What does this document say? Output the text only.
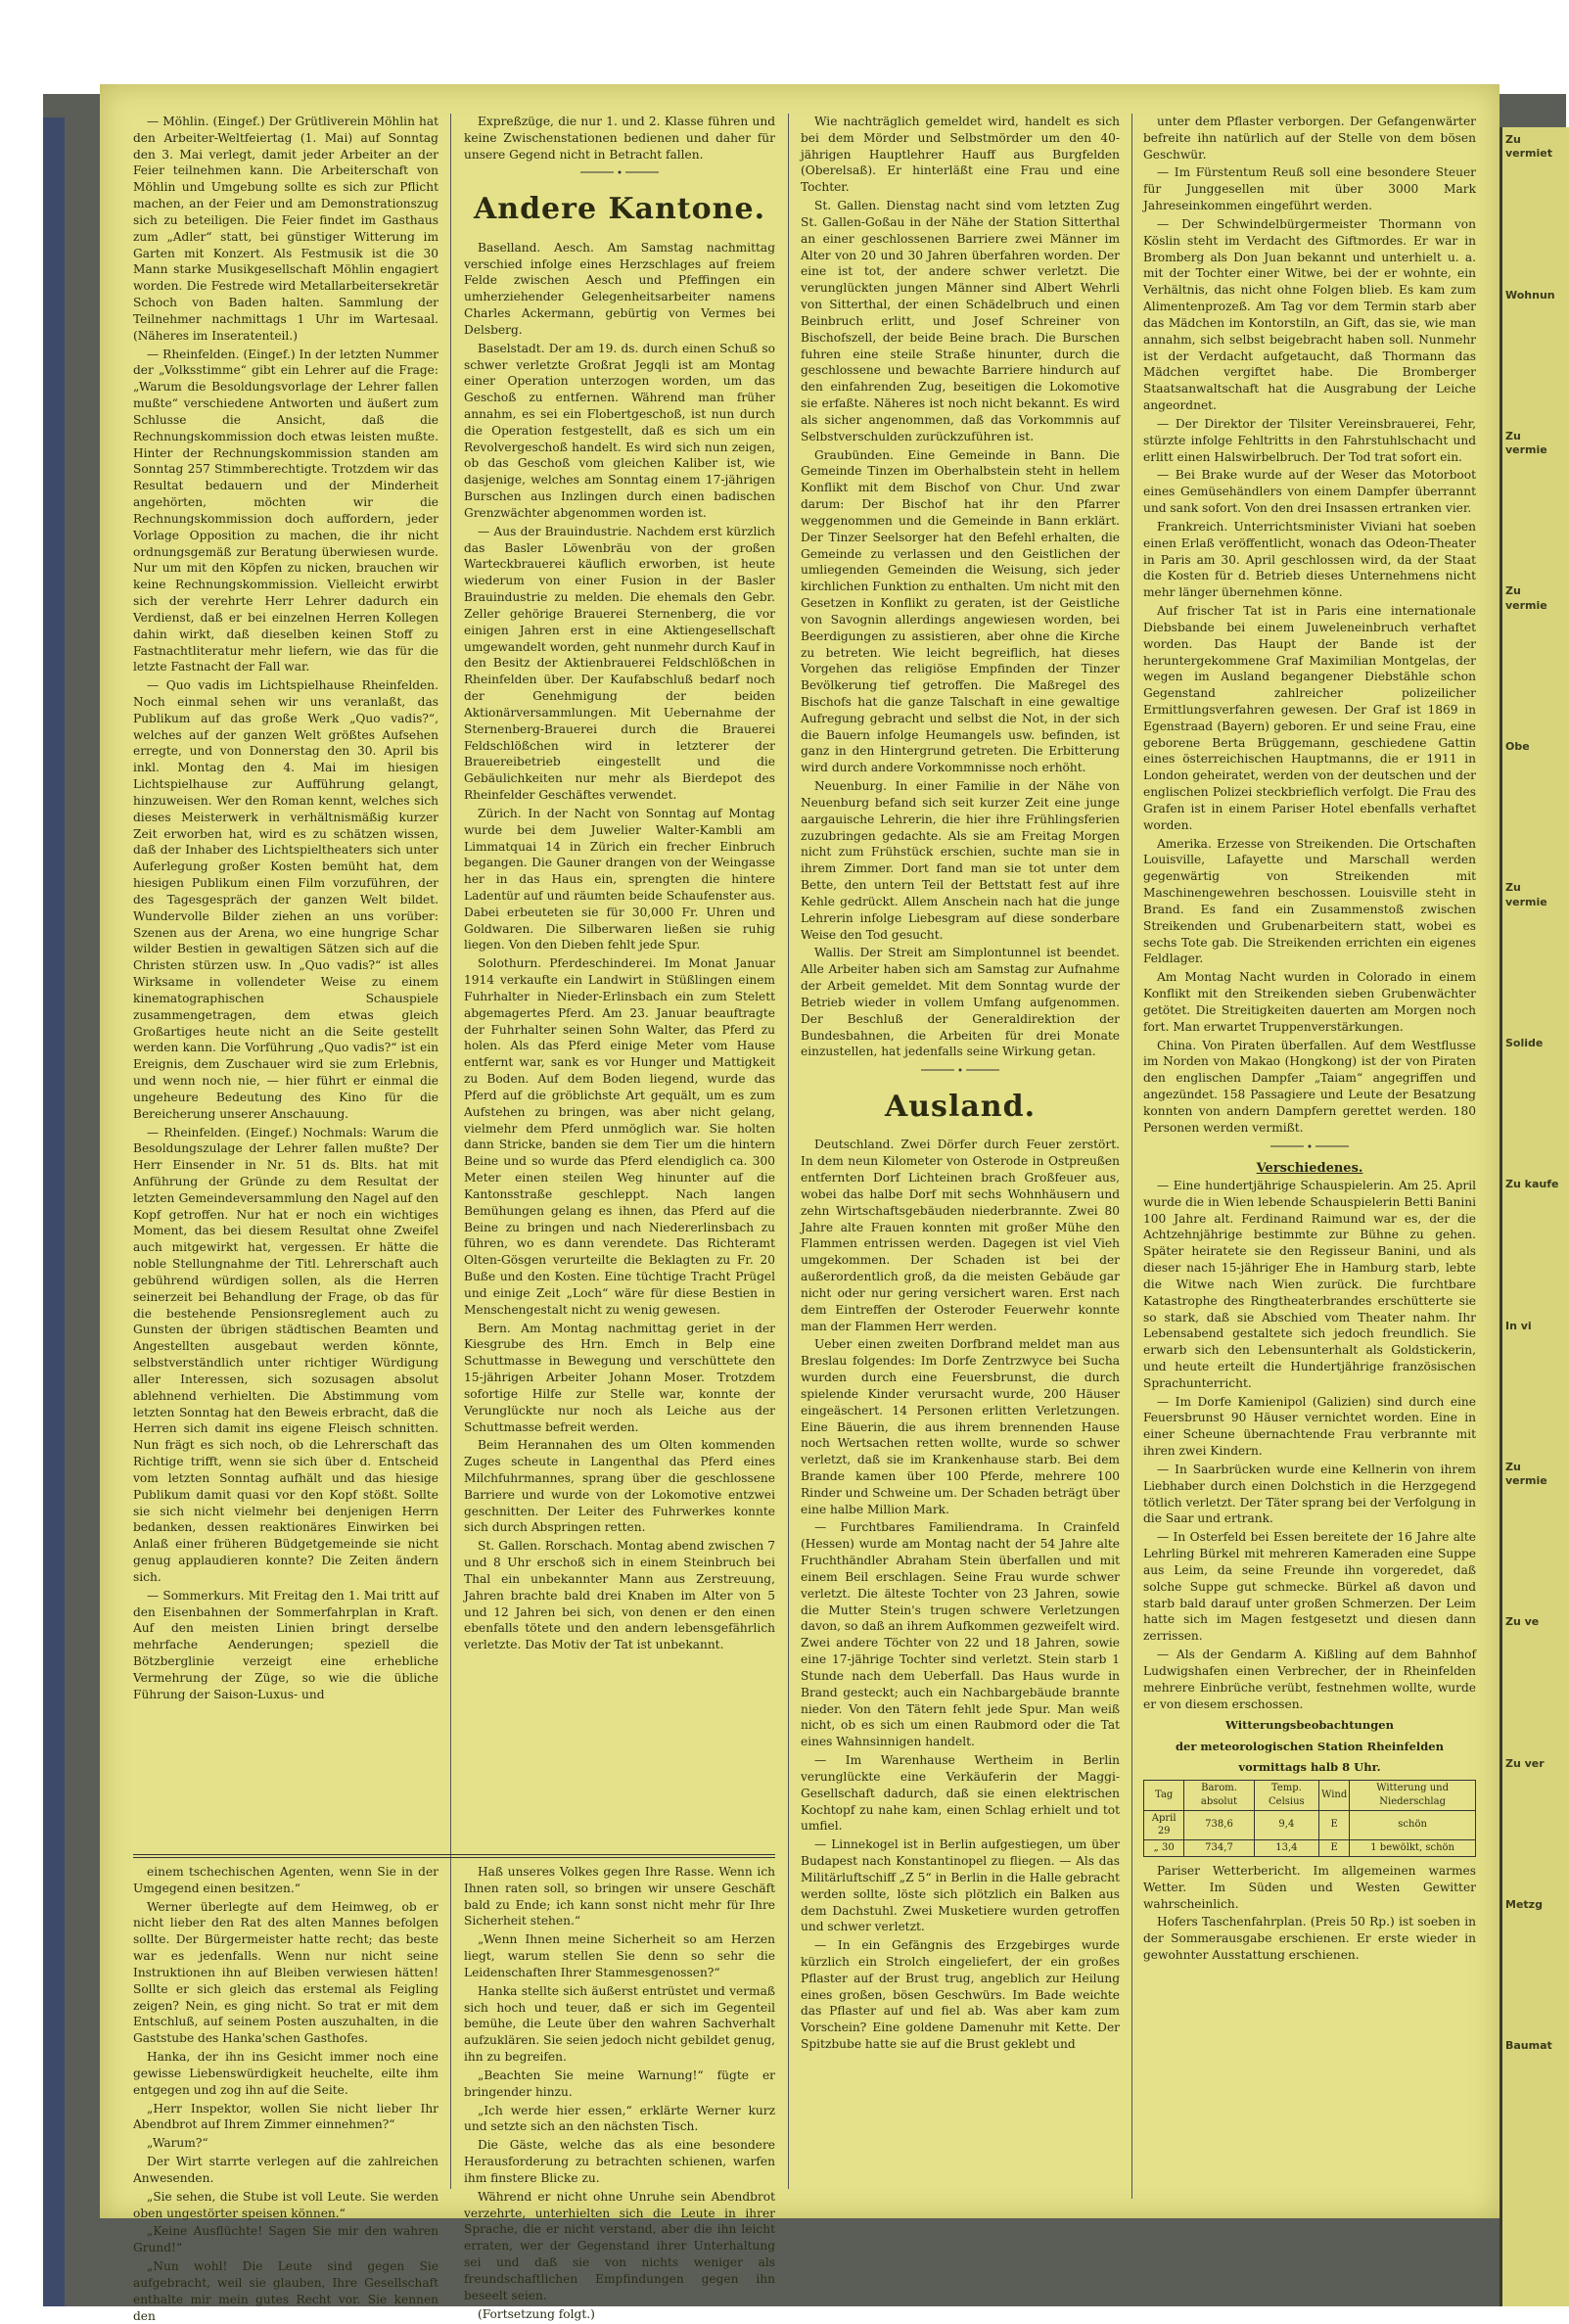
— Möhlin. (Eingef.) Der Grütliverein Möhlin hat den Arbeiter-Weltfeiertag (1. Mai) auf Sonntag den 3. Mai verlegt, damit jeder Arbeiter an der Feier teilnehmen kann. Die Arbeiterschaft von Möhlin und Umgebung sollte es sich zur Pflicht machen, an der Feier und am Demonstrationszug sich zu beteiligen. Die Feier findet im Gasthaus zum „Adler“ statt, bei günstiger Witterung im Garten mit Konzert. Als Festmusik ist die 30 Mann starke Musikgesellschaft Möhlin engagiert worden. Die Festrede wird Metallarbeitersekretär Schoch von Baden halten. Sammlung der Teilnehmer nachmittags 1 Uhr im Wartesaal. (Näheres im Inseratenteil.)

— Rheinfelden. (Eingef.) In der letzten Nummer der „Volksstimme“ gibt ein Lehrer auf die Frage: „Warum die Besoldungsvorlage der Lehrer fallen mußte“ verschiedene Antworten und äußert zum Schlusse die Ansicht, daß die Rechnungskommission doch etwas leisten mußte. Hinter der Rechnungskommission standen am Sonntag 257 Stimmberechtigte. Trotzdem wir das Resultat bedauern und der Minderheit angehörten, möchten wir die Rechnungskommission doch auffordern, jeder Vorlage Opposition zu machen, die ihr nicht ordnungsgemäß zur Beratung überwiesen wurde. Nur um mit den Köpfen zu nicken, brauchen wir keine Rechnungskommission. Vielleicht erwirbt sich der verehrte Herr Lehrer dadurch ein Verdienst, daß er bei einzelnen Herren Kollegen dahin wirkt, daß dieselben keinen Stoff zu Fastnachtliteratur mehr liefern, wie das für die letzte Fastnacht der Fall war.

— Quo vadis im Lichtspielhause Rheinfelden. Noch einmal sehen wir uns veranlaßt, das Publikum auf das große Werk „Quo vadis?“, welches auf der ganzen Welt größtes Aufsehen erregte, und von Donnerstag den 30. April bis inkl. Montag den 4. Mai im hiesigen Lichtspielhause zur Aufführung gelangt, hinzuweisen. Wer den Roman kennt, welches sich dieses Meisterwerk in verhältnismäßig kurzer Zeit erworben hat, wird es zu schätzen wissen, daß der Inhaber des Lichtspieltheaters sich unter Auferlegung großer Kosten bemüht hat, dem hiesigen Publikum einen Film vorzuführen, der des Tagesgespräch der ganzen Welt bildet. Wundervolle Bilder ziehen an uns vorüber: Szenen aus der Arena, wo eine hungrige Schar wilder Bestien in gewaltigen Sätzen sich auf die Christen stürzen usw. In „Quo vadis?“ ist alles Wirksame in vollendeter Weise zu einem kinematographischen Schauspiele zusammengetragen, dem etwas gleich Großartiges heute nicht an die Seite gestellt werden kann. Die Vorführung „Quo vadis?“ ist ein Ereignis, dem Zuschauer wird sie zum Erlebnis, und wenn noch nie, — hier führt er einmal die ungeheure Bedeutung des Kino für die Bereicherung unserer Anschauung.

— Rheinfelden. (Eingef.) Nochmals: Warum die Besoldungszulage der Lehrer fallen mußte? Der Herr Einsender in Nr. 51 ds. Blts. hat mit Anführung der Gründe zu dem Resultat der letzten Gemeindeversammlung den Nagel auf den Kopf getroffen. Nur hat er noch ein wichtiges Moment, das bei diesem Resultat ohne Zweifel auch mitgewirkt hat, vergessen. Er hätte die noble Stellungnahme der Titl. Lehrerschaft auch gebührend würdigen sollen, als die Herren seinerzeit bei Behandlung der Frage, ob das für die bestehende Pensionsreglement auch zu Gunsten der übrigen städtischen Beamten und Angestellten ausgebaut werden könnte, selbstverständlich unter richtiger Würdigung aller Interessen, sich sozusagen absolut ablehnend verhielten. Die Abstimmung vom letzten Sonntag hat den Beweis erbracht, daß die Herren sich damit ins eigene Fleisch schnitten. Nun frägt es sich noch, ob die Lehrerschaft das Richtige trifft, wenn sie sich über d. Entscheid vom letzten Sonntag aufhält und das hiesige Publikum damit quasi vor den Kopf stößt. Sollte sie sich nicht vielmehr bei denjenigen Herrn bedanken, dessen reaktionäres Einwirken bei Anlaß einer früheren Büdgetgemeinde sie nicht genug applaudieren konnte? Die Zeiten ändern sich.

— Sommerkurs. Mit Freitag den 1. Mai tritt auf den Eisenbahnen der Sommerfahrplan in Kraft. Auf den meisten Linien bringt derselbe mehrfache Aenderungen; speziell die Bötzberglinie verzeigt eine erhebliche Vermehrung der Züge, so wie die übliche Führung der Saison-Luxus- und

Expreßzüge, die nur 1. und 2. Klasse führen und keine Zwischenstationen bedienen und daher für unsere Gegend nicht in Betracht fallen.

Andere Kantone.

Baselland. Aesch. Am Samstag nachmittag verschied infolge eines Herzschlages auf freiem Felde zwischen Aesch und Pfeffingen ein umherziehender Gelegenheitsarbeiter namens Charles Ackermann, gebürtig von Vermes bei Delsberg.

Baselstadt. Der am 19. ds. durch einen Schuß so schwer verletzte Großrat Jegqli ist am Montag einer Operation unterzogen worden, um das Geschoß zu entfernen. Während man früher annahm, es sei ein Flobertgeschoß, ist nun durch die Operation festgestellt, daß es sich um ein Revolvergeschoß handelt. Es wird sich nun zeigen, ob das Geschoß vom gleichen Kaliber ist, wie dasjenige, welches am Sonntag einem 17-jährigen Burschen aus Inzlingen durch einen badischen Grenzwächter abgenommen worden ist.

— Aus der Brauindustrie. Nachdem erst kürzlich das Basler Löwenbräu von der großen Warteckbrauerei käuflich erworben, ist heute wiederum von einer Fusion in der Basler Brauindustrie zu melden. Die ehemals den Gebr. Zeller gehörige Brauerei Sternenberg, die vor einigen Jahren erst in eine Aktiengesellschaft umgewandelt worden, geht nunmehr durch Kauf in den Besitz der Aktienbrauerei Feldschlößchen in Rheinfelden über. Der Kaufabschluß bedarf noch der Genehmigung der beiden Aktionärversammlungen. Mit Uebernahme der Sternenberg-Brauerei durch die Brauerei Feldschlößchen wird in letzterer der Brauereibetrieb eingestellt und die Gebäulichkeiten nur mehr als Bierdepot des Rheinfelder Geschäftes verwendet.

Zürich. In der Nacht von Sonntag auf Montag wurde bei dem Juwelier Walter-Kambli am Limmatquai 14 in Zürich ein frecher Einbruch begangen. Die Gauner drangen von der Weingasse her in das Haus ein, sprengten die hintere Ladentür auf und räumten beide Schaufenster aus. Dabei erbeuteten sie für 30,000 Fr. Uhren und Goldwaren. Die Silberwaren ließen sie ruhig liegen. Von den Dieben fehlt jede Spur.

Solothurn. Pferdeschinderei. Im Monat Januar 1914 verkaufte ein Landwirt in Stüßlingen einem Fuhrhalter in Nieder-Erlinsbach ein zum Stelett abgemagertes Pferd. Am 23. Januar beauftragte der Fuhrhalter seinen Sohn Walter, das Pferd zu holen. Als das Pferd einige Meter vom Hause entfernt war, sank es vor Hunger und Mattigkeit zu Boden. Auf dem Boden liegend, wurde das Pferd auf die gröblichste Art gequält, um es zum Aufstehen zu bringen, was aber nicht gelang, vielmehr dem Pferd unmöglich war. Sie holten dann Stricke, banden sie dem Tier um die hintern Beine und so wurde das Pferd elendiglich ca. 300 Meter einen steilen Weg hinunter auf die Kantonsstraße geschleppt. Nach langen Bemühungen gelang es ihnen, das Pferd auf die Beine zu bringen und nach Niedererlinsbach zu führen, wo es dann verendete. Das Richteramt Olten-Gösgen verurteilte die Beklagten zu Fr. 20 Buße und den Kosten. Eine tüchtige Tracht Prügel und einige Zeit „Loch“ wäre für diese Bestien in Menschengestalt nicht zu wenig gewesen.

Bern. Am Montag nachmittag geriet in der Kiesgrube des Hrn. Emch in Belp eine Schuttmasse in Bewegung und verschüttete den 15-jährigen Arbeiter Johann Moser. Trotzdem sofortige Hilfe zur Stelle war, konnte der Verunglückte nur noch als Leiche aus der Schuttmasse befreit werden.

Beim Herannahen des um Olten kommenden Zuges scheute in Langenthal das Pferd eines Milchfuhrmannes, sprang über die geschlossene Barriere und wurde von der Lokomotive entzwei geschnitten. Der Leiter des Fuhrwerkes konnte sich durch Abspringen retten.

St. Gallen. Rorschach. Montag abend zwischen 7 und 8 Uhr erschoß sich in einem Steinbruch bei Thal ein unbekannter Mann aus Zerstreuung, Jahren brachte bald drei Knaben im Alter von 5 und 12 Jahren bei sich, von denen er den einen ebenfalls tötete und den andern lebensgefährlich verletzte. Das Motiv der Tat ist unbekannt.

Wie nachträglich gemeldet wird, handelt es sich bei dem Mörder und Selbstmörder um den 40-jährigen Hauptlehrer Hauff aus Burgfelden (Oberelsaß). Er hinterläßt eine Frau und eine Tochter.

St. Gallen. Dienstag nacht sind vom letzten Zug St. Gallen-Goßau in der Nähe der Station Sitterthal an einer geschlossenen Barriere zwei Männer im Alter von 20 und 30 Jahren überfahren worden. Der eine ist tot, der andere schwer verletzt. Die verunglückten jungen Männer sind Albert Wehrli von Sitterthal, der einen Schädelbruch und einen Beinbruch erlitt, und Josef Schreiner von Bischofszell, der beide Beine brach. Die Burschen fuhren eine steile Straße hinunter, durch die geschlossene und bewachte Barriere hindurch auf den einfahrenden Zug, beseitigen die Lokomotive sie erfaßte. Näheres ist noch nicht bekannt. Es wird als sicher angenommen, daß das Vorkommnis auf Selbstverschulden zurückzuführen ist.

Graubünden. Eine Gemeinde in Bann. Die Gemeinde Tinzen im Oberhalbstein steht in hellem Konflikt mit dem Bischof von Chur. Und zwar darum: Der Bischof hat ihr den Pfarrer weggenommen und die Gemeinde in Bann erklärt. Der Tinzer Seelsorger hat den Befehl erhalten, die Gemeinde zu verlassen und den Geistlichen der umliegenden Gemeinden die Weisung, sich jeder kirchlichen Funktion zu enthalten. Um nicht mit den Gesetzen in Konflikt zu geraten, ist der Geistliche von Savognin allerdings angewiesen worden, bei Beerdigungen zu assistieren, aber ohne die Kirche zu betreten. Wie leicht begreiflich, hat dieses Vorgehen das religiöse Empfinden der Tinzer Bevölkerung tief getroffen. Die Maßregel des Bischofs hat die ganze Talschaft in eine gewaltige Aufregung gebracht und selbst die Not, in der sich die Bauern infolge Heumangels usw. befinden, ist ganz in den Hintergrund getreten. Die Erbitterung wird durch andere Vorkommnisse noch erhöht.

Neuenburg. In einer Familie in der Nähe von Neuenburg befand sich seit kurzer Zeit eine junge aargauische Lehrerin, die hier ihre Frühlingsferien zuzubringen gedachte. Als sie am Freitag Morgen nicht zum Frühstück erschien, suchte man sie in ihrem Zimmer. Dort fand man sie tot unter dem Bette, den untern Teil der Bettstatt fest auf ihre Kehle gedrückt. Allem Anschein nach hat die junge Lehrerin infolge Liebesgram auf diese sonderbare Weise den Tod gesucht.

Wallis. Der Streit am Simplontunnel ist beendet. Alle Arbeiter haben sich am Samstag zur Aufnahme der Arbeit gemeldet. Mit dem Sonntag wurde der Betrieb wieder in vollem Umfang aufgenommen. Der Beschluß der Generaldirektion der Bundesbahnen, die Arbeiten für drei Monate einzustellen, hat jedenfalls seine Wirkung getan.

Ausland.

Deutschland. Zwei Dörfer durch Feuer zerstört. In dem neun Kilometer von Osterode in Ostpreußen entfernten Dorf Lichteinen brach Großfeuer aus, wobei das halbe Dorf mit sechs Wohnhäusern und zehn Wirtschaftsgebäuden niederbrannte. Zwei 80 Jahre alte Frauen konnten mit großer Mühe den Flammen entrissen werden. Dagegen ist viel Vieh umgekommen. Der Schaden ist bei der außerordentlich groß, da die meisten Gebäude gar nicht oder nur gering versichert waren. Erst nach dem Eintreffen der Osteroder Feuerwehr konnte man der Flammen Herr werden.

Ueber einen zweiten Dorfbrand meldet man aus Breslau folgendes: Im Dorfe Zentrzwyce bei Sucha wurden durch eine Feuersbrunst, die durch spielende Kinder verursacht wurde, 200 Häuser eingeäschert. 14 Personen erlitten Verletzungen. Eine Bäuerin, die aus ihrem brennenden Hause noch Wertsachen retten wollte, wurde so schwer verletzt, daß sie im Krankenhause starb. Bei dem Brande kamen über 100 Pferde, mehrere 100 Rinder und Schweine um. Der Schaden beträgt über eine halbe Million Mark.

— Furchtbares Familiendrama. In Crainfeld (Hessen) wurde am Montag nacht der 54 Jahre alte Fruchthändler Abraham Stein überfallen und mit einem Beil erschlagen. Seine Frau wurde schwer verletzt. Die älteste Tochter von 23 Jahren, sowie die Mutter Stein's trugen schwere Verletzungen davon, so daß an ihrem Aufkommen gezweifelt wird. Zwei andere Töchter von 22 und 18 Jahren, sowie eine 17-jährige Tochter sind verletzt. Stein starb 1 Stunde nach dem Ueberfall. Das Haus wurde in Brand gesteckt; auch ein Nachbargebäude brannte nieder. Von den Tätern fehlt jede Spur. Man weiß nicht, ob es sich um einen Raubmord oder die Tat eines Wahnsinnigen handelt.

— Im Warenhause Wertheim in Berlin verunglückte eine Verkäuferin der Maggi-Gesellschaft dadurch, daß sie einen elektrischen Kochtopf zu nahe kam, einen Schlag erhielt und tot umfiel.

— Linnekogel ist in Berlin aufgestiegen, um über Budapest nach Konstantinopel zu fliegen. — Als das Militärluftschiff „Z 5“ in Berlin in die Halle gebracht werden sollte, löste sich plötzlich ein Balken aus dem Dachstuhl. Zwei Musketiere wurden getroffen und schwer verletzt.

— In ein Gefängnis des Erzgebirges wurde kürzlich ein Strolch eingeliefert, der ein großes Pflaster auf der Brust trug, angeblich zur Heilung eines großen, bösen Geschwürs. Im Bade weichte das Pflaster auf und fiel ab. Was aber kam zum Vorschein? Eine goldene Damenuhr mit Kette. Der Spitzbube hatte sie auf die Brust geklebt und

unter dem Pflaster verborgen. Der Gefangenwärter befreite ihn natürlich auf der Stelle von dem bösen Geschwür.

— Im Fürstentum Reuß soll eine besondere Steuer für Junggesellen mit über 3000 Mark Jahreseinkommen eingeführt werden.

— Der Schwindelbürgermeister Thormann von Köslin steht im Verdacht des Giftmordes. Er war in Bromberg als Don Juan bekannt und unterhielt u. a. mit der Tochter einer Witwe, bei der er wohnte, ein Verhältnis, das nicht ohne Folgen blieb. Es kam zum Alimentenprozeß. Am Tag vor dem Termin starb aber das Mädchen im Kontorstiln, an Gift, das sie, wie man annahm, sich selbst beigebracht haben soll. Nunmehr ist der Verdacht aufgetaucht, daß Thormann das Mädchen vergiftet habe. Die Bromberger Staatsanwaltschaft hat die Ausgrabung der Leiche angeordnet.

— Der Direktor der Tilsiter Vereinsbrauerei, Fehr, stürzte infolge Fehltritts in den Fahrstuhlschacht und erlitt einen Halswirbelbruch. Der Tod trat sofort ein.

— Bei Brake wurde auf der Weser das Motorboot eines Gemüsehändlers von einem Dampfer überrannt und sank sofort. Von den drei Insassen ertranken vier.

Frankreich. Unterrichtsminister Viviani hat soeben einen Erlaß veröffentlicht, wonach das Odeon-Theater in Paris am 30. April geschlossen wird, da der Staat die Kosten für d. Betrieb dieses Unternehmens nicht mehr länger übernehmen könne.

Auf frischer Tat ist in Paris eine internationale Diebsbande bei einem Juweleneinbruch verhaftet worden. Das Haupt der Bande ist der heruntergekommene Graf Maximilian Montgelas, der wegen im Ausland begangener Diebstähle schon Gegenstand zahlreicher polizeilicher Ermittlungsverfahren gewesen. Der Graf ist 1869 in Egenstraad (Bayern) geboren. Er und seine Frau, eine geborene Berta Brüggemann, geschiedene Gattin eines österreichischen Hauptmanns, die er 1911 in London geheiratet, werden von der deutschen und der englischen Polizei steckbrieflich verfolgt. Die Frau des Grafen ist in einem Pariser Hotel ebenfalls verhaftet worden.

Amerika. Erzesse von Streikenden. Die Ortschaften Louisville, Lafayette und Marschall werden gegenwärtig von Streikenden mit Maschinengewehren beschossen. Louisville steht in Brand. Es fand ein Zusammenstoß zwischen Streikenden und Grubenarbeitern statt, wobei es sechs Tote gab. Die Streikenden errichten ein eigenes Feldlager.

Am Montag Nacht wurden in Colorado in einem Konflikt mit den Streikenden sieben Grubenwächter getötet. Die Streitigkeiten dauerten am Morgen noch fort. Man erwartet Truppenverstärkungen.

China. Von Piraten überfallen. Auf dem Westflusse im Norden von Makao (Hongkong) ist der von Piraten den englischen Dampfer „Taiam“ angegriffen und angezündet. 158 Passagiere und Leute der Besatzung konnten von andern Dampfern gerettet werden. 180 Personen werden vermißt.

Verschiedenes.

— Eine hundertjährige Schauspielerin. Am 25. April wurde die in Wien lebende Schauspielerin Betti Banini 100 Jahre alt. Ferdinand Raimund war es, der die Achtzehnjährige bestimmte zur Bühne zu gehen. Später heiratete sie den Regisseur Banini, und als dieser nach 15-jähriger Ehe in Hamburg starb, lebte die Witwe nach Wien zurück. Die furchtbare Katastrophe des Ringtheaterbrandes erschütterte sie so stark, daß sie Abschied vom Theater nahm. Ihr Lebensabend gestaltete sich jedoch freundlich. Sie erwarb sich den Lebensunterhalt als Goldstickerin, und heute erteilt die Hundertjährige französischen Sprachunterricht.

— Im Dorfe Kamienipol (Galizien) sind durch eine Feuersbrunst 90 Häuser vernichtet worden. Eine in einer Scheune übernachtende Frau verbrannte mit ihren zwei Kindern.

— In Saarbrücken wurde eine Kellnerin von ihrem Liebhaber durch einen Dolchstich in die Herzgegend tötlich verletzt. Der Täter sprang bei der Verfolgung in die Saar und ertrank.

— In Osterfeld bei Essen bereitete der 16 Jahre alte Lehrling Bürkel mit mehreren Kameraden eine Suppe aus Leim, da seine Freunde ihn vorgeredet, daß solche Suppe gut schmecke. Bürkel aß davon und starb bald darauf unter großen Schmerzen. Der Leim hatte sich im Magen festgesetzt und diesen dann zerrissen.

— Als der Gendarm A. Kißling auf dem Bahnhof Ludwigshafen einen Verbrecher, der in Rheinfelden mehrere Einbrüche verübt, festnehmen wollte, wurde er von diesem erschossen.

Witterungsbeobachtungen
der meteorologischen Station Rheinfelden
vormittags halb 8 Uhr.
Tag	Barom. absolut	Temp. Celsius	Wind	Witterung und Niederschlag
April 29	738,6	9,4	E	schön
„ 30	734,7	13,4	E	1 bewölkt, schön

Pariser Wetterbericht. Im allgemeinen warmes Wetter. Im Süden und Westen Gewitter wahrscheinlich.

Hofers Taschenfahrplan. (Preis 50 Rp.) ist soeben in der Sommerausgabe erschienen. Er erste wieder in gewohnter Ausstattung erschienen.

einem tschechischen Agenten, wenn Sie in der Umgegend einen besitzen.“

Werner überlegte auf dem Heimweg, ob er nicht lieber den Rat des alten Mannes befolgen sollte. Der Bürgermeister hatte recht; das beste war es jedenfalls. Wenn nur nicht seine Instruktionen ihn auf Bleiben verwiesen hätten! Sollte er sich gleich das erstemal als Feigling zeigen? Nein, es ging nicht. So trat er mit dem Entschluß, auf seinem Posten auszuhalten, in die Gaststube des Hanka'schen Gasthofes.

Hanka, der ihn ins Gesicht immer noch eine gewisse Liebenswürdigkeit heuchelte, eilte ihm entgegen und zog ihn auf die Seite.

„Herr Inspektor, wollen Sie nicht lieber Ihr Abendbrot auf Ihrem Zimmer einnehmen?“

„Warum?“

Der Wirt starrte verlegen auf die zahlreichen Anwesenden.

„Sie sehen, die Stube ist voll Leute. Sie werden oben ungestörter speisen können.“

„Keine Ausflüchte! Sagen Sie mir den wahren Grund!“

„Nun wohl! Die Leute sind gegen Sie aufgebracht, weil sie glauben, Ihre Gesellschaft enthalte mir mein gutes Recht vor. Sie kennen den

Haß unseres Volkes gegen Ihre Rasse. Wenn ich Ihnen raten soll, so bringen wir unsere Geschäft bald zu Ende; ich kann sonst nicht mehr für Ihre Sicherheit stehen.“

„Wenn Ihnen meine Sicherheit so am Herzen liegt, warum stellen Sie denn so sehr die Leidenschaften Ihrer Stammesgenossen?“

Hanka stellte sich äußerst entrüstet und vermaß sich hoch und teuer, daß er sich im Gegenteil bemühe, die Leute über den wahren Sachverhalt aufzuklären. Sie seien jedoch nicht gebildet genug, ihn zu begreifen.

„Beachten Sie meine Warnung!“ fügte er bringender hinzu.

„Ich werde hier essen,“ erklärte Werner kurz und setzte sich an den nächsten Tisch.

Die Gäste, welche das als eine besondere Herausforderung zu betrachten schienen, warfen ihm finstere Blicke zu.

Während er nicht ohne Unruhe sein Abendbrot verzehrte, unterhielten sich die Leute in ihrer Sprache, die er nicht verstand, aber die ihn leicht erraten, wer der Gegenstand ihrer Unterhaltung sei und daß sie von nichts weniger als freundschaftlichen Empfindungen gegen ihn beseelt seien.

(Fortsetzung folgt.)

Zu vermiet
Wohnun
Zu vermie
Zu vermie
Obe
Zu vermie
Solide
Zu kaufe
In vi
Zu vermie
Zu ve
Zu ver
Metzg
Baumat
